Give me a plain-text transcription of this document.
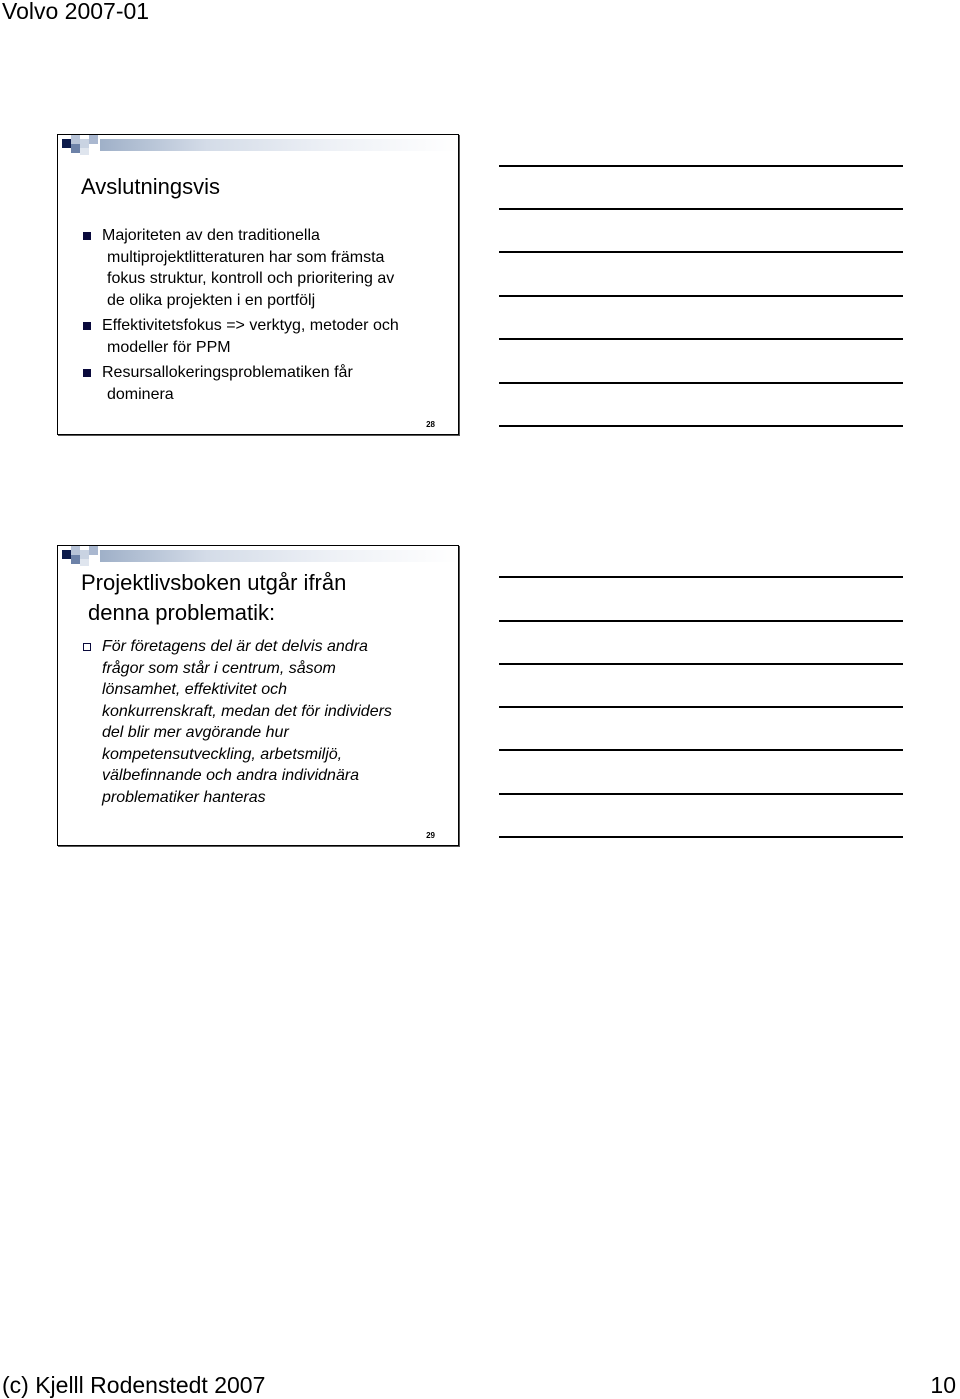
Volvo 2007-01
Avslutningsvis
Majoriteten av den traditionella
multiprojektlitteraturen har som främsta
fokus struktur, kontroll och prioritering av
de olika projekten i en portfölj
Effektivitetsfokus => verktyg, metoder och
modeller för PPM
Resursallokeringsproblematiken får
dominera
28
Projektlivsboken utgår ifrån
denna problematik:
För företagens del är det delvis andra
frågor som står i centrum, såsom
lönsamhet, effektivitet och
konkurrenskraft, medan det för individers
del blir mer avgörande hur
kompetensutveckling, arbetsmiljö,
välbefinnande och andra individnära
problematiker hanteras
29
(c) Kjelll Rodenstedt 2007	10
